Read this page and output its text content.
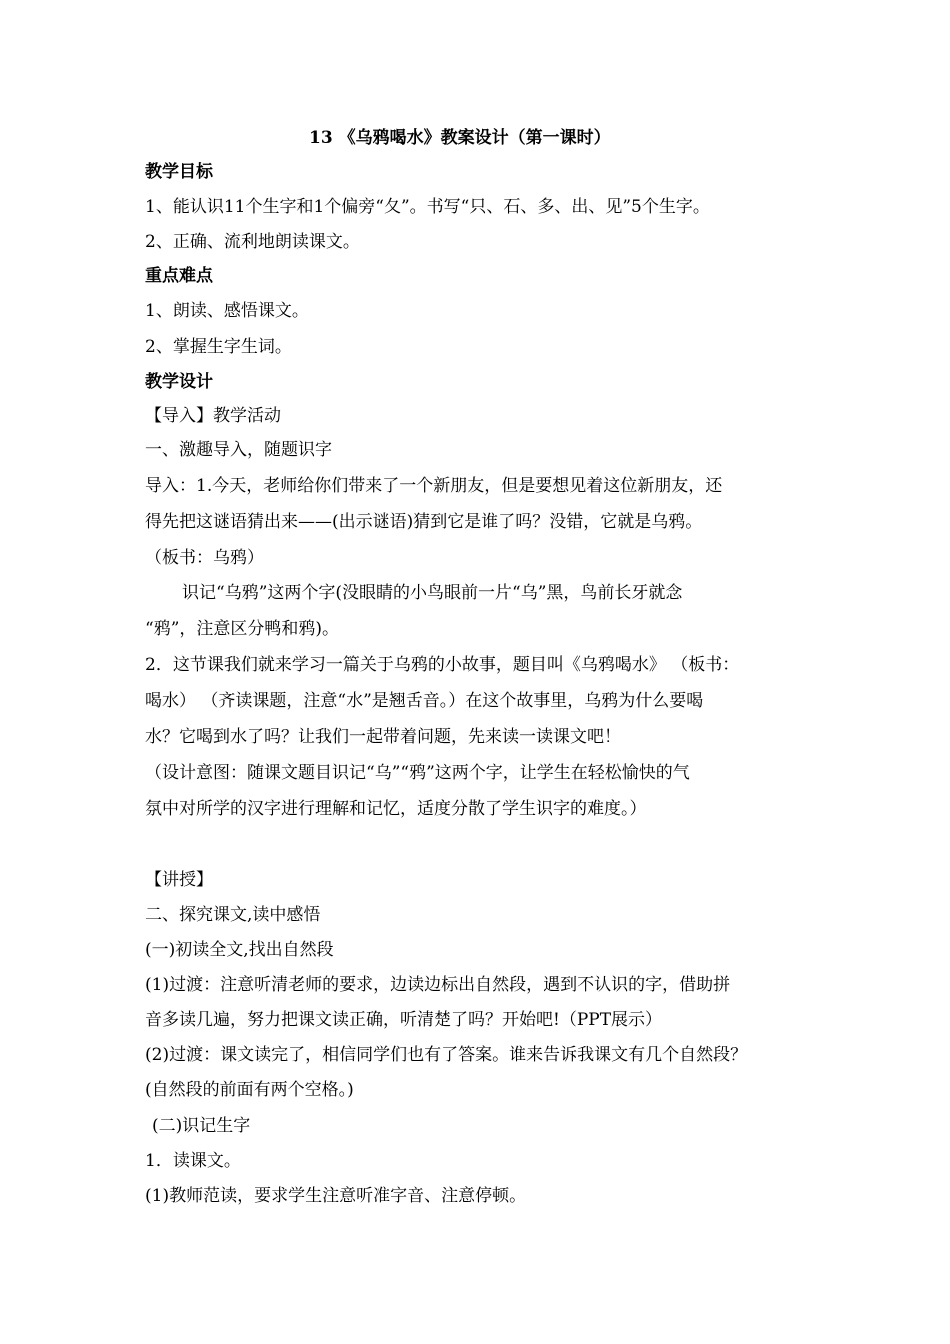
13 《乌鸦喝水》教案设计（第一课时）
教学目标
1、能认识11个生字和1个偏旁“夂”。书写“只、石、多、出、见”5个生字。
2、正确、流利地朗读课文。
重点难点
1、朗读、感悟课文。
2、掌握生字生词。
教学设计
【导入】教学活动
一、激趣导入，随题识字
导入：1.今天，老师给你们带来了一个新朋友，但是要想见着这位新朋友，还
得先把这谜语猜出来——(出示谜语)猜到它是谁了吗？没错，它就是乌鸦。
（板书：乌鸦）
识记“乌鸦”这两个字(没眼睛的小鸟眼前一片“乌”黑，鸟前长牙就念
“鸦”，注意区分鸭和鸦)。
2．这节课我们就来学习一篇关于乌鸦的小故事，题目叫《乌鸦喝水》 （板书：
喝水） （齐读课题，注意“水”是翘舌音。）在这个故事里，乌鸦为什么要喝
水？它喝到水了吗？让我们一起带着问题，先来读一读课文吧！
（设计意图：随课文题目识记“乌”“鸦”这两个字，让学生在轻松愉快的气
氛中对所学的汉字进行理解和记忆，适度分散了学生识字的难度。）
【讲授】
二、探究课文,读中感悟
(一)初读全文,找出自然段
(1)过渡：注意听清老师的要求，边读边标出自然段，遇到不认识的字，借助拼
音多读几遍，努力把课文读正确，听清楚了吗？开始吧!（PPT展示）
(2)过渡：课文读完了，相信同学们也有了答案。谁来告诉我课文有几个自然段？
(自然段的前面有两个空格。)
(二)识记生字
1．读课文。
(1)教师范读，要求学生注意听准字音、注意停顿。
